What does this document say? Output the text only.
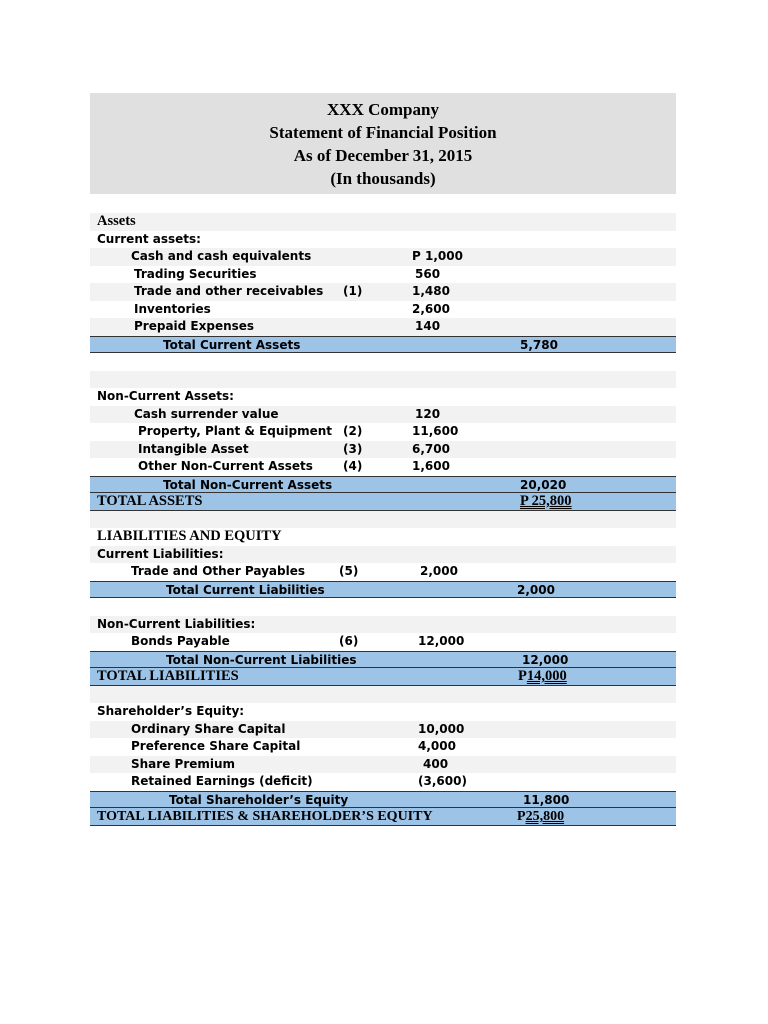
XXX Company
Statement of Financial Position
As of December 31, 2015
(In thousands)
Assets
Current assets:
Cash and cash equivalents	P 1,000
Trading Securities	560
Trade and other receivables (1)	1,480
Inventories	2,600
Prepaid Expenses	140
Total Current Assets	5,780
Non-Current Assets:
Cash surrender value	120
Property, Plant & Equipment (2)	11,600
Intangible Asset	(3)	6,700
Other Non-Current Assets	(4)	1,600
Total Non-Current Assets	20,020
TOTAL ASSETS	P 25,800
LIABILITIES AND EQUITY
Current Liabilities:
Trade and Other Payables	(5)	2,000
Total Current Liabilities	2,000
Non-Current Liabilities:
Bonds Payable	(6)	12,000
Total Non-Current Liabilities	12,000
TOTAL LIABILITIES	P14,000
Shareholder’s Equity:
Ordinary Share Capital	10,000
Preference Share Capital	4,000
Share Premium	400
Retained Earnings (deficit)	(3,600)
Total Shareholder’s Equity	11,800
TOTAL LIABILITIES & SHAREHOLDER’S EQUITY	P25,800
